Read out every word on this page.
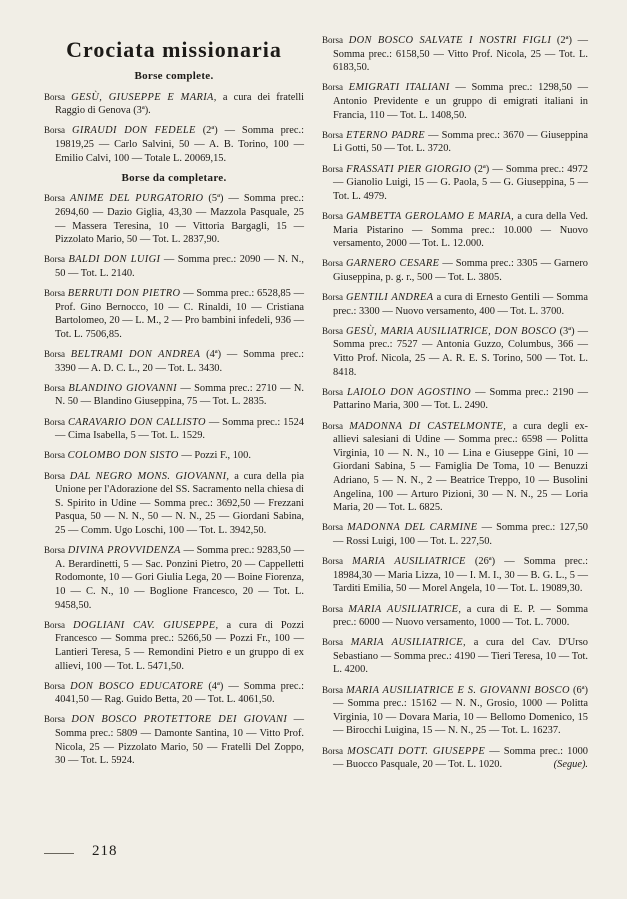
Crociata missionaria
Borse complete.

Borsa GESÙ, GIUSEPPE E MARIA, a cura dei fratelli Raggio di Genova (3ª).

Borsa GIRAUDI DON FEDELE (2ª) — Somma prec.: 19819,25 — Carlo Salvini, 50 — A. B. Torino, 100 — Emilio Calvi, 100 — Totale L. 20069,15.

Borse da completare.

Borsa ANIME DEL PURGATORIO (5ª) — Somma prec.: 2694,60 — Dazio Giglia, 43,30 — Mazzola Pasquale, 25 — Massera Teresina, 10 — Vittoria Bargagli, 15 — Pizzolato Mario, 50 — Tot. L. 2837,90.

Borsa BALDI DON LUIGI — Somma prec.: 2090 — N. N., 50 — Tot. L. 2140.

Borsa BERRUTI DON PIETRO — Somma prec.: 6528,85 — Prof. Gino Bernocco, 10 — C. Rinaldi, 10 — Cristiana Bartolomeo, 20 — L. M., 2 — Pro bambini infedeli, 936 — Tot. L. 7506,85.

Borsa BELTRAMI DON ANDREA (4ª) — Somma prec.: 3390 — A. D. C. L., 20 — Tot. L. 3430.

Borsa BLANDINO GIOVANNI — Somma prec.: 2710 — N. N. 50 — Blandino Giuseppina, 75 — Tot. L. 2835.

Borsa CARAVARIO DON CALLISTO — Somma prec.: 1524 — Cima Isabella, 5 — Tot. L. 1529.

Borsa COLOMBO DON SISTO — Pozzi F., 100.

Borsa DAL NEGRO MONS. GIOVANNI, a cura della pia Unione per l'Adorazione del SS. Sacramento nella chiesa di S. Spirito in Udine — Somma prec.: 3692,50 — Frezzani Pasqua, 50 — N. N., 50 — N. N., 25 — Giordani Sabina, 25 — Comm. Ugo Loschi, 100 — Tot. L. 3942,50.

Borsa DIVINA PROVVIDENZA — Somma prec.: 9283,50 — A. Berardinetti, 5 — Sac. Ponzini Pietro, 20 — Cappelletti Rodomonte, 10 — Gori Giulia Lega, 20 — Boine Fiorenza, 10 — C. N., 10 — Boglione Francesco, 20 — Tot. L. 9458,50.

Borsa DOGLIANI CAV. GIUSEPPE, a cura di Pozzi Francesco — Somma prec.: 5266,50 — Pozzi Fr., 100 — Lantieri Teresa, 5 — Remondini Pietro e un gruppo di ex allievi, 100 — Tot. L. 5471,50.

Borsa DON BOSCO EDUCATORE (4ª) — Somma prec.: 4041,50 — Rag. Guido Betta, 20 — Tot. L. 4061,50.

Borsa DON BOSCO PROTETTORE DEI GIOVANI — Somma prec.: 5809 — Damonte Santina, 10 — Vitto Prof. Nicola, 25 — Pizzolato Mario, 50 — Fratelli Del Zoppo, 30 — Tot. L. 5924.

Borsa DON BOSCO SALVATE I NOSTRI FIGLI (2ª) — Somma prec.: 6158,50 — Vitto Prof. Nicola, 25 — Tot. L. 6183,50.

Borsa EMIGRATI ITALIANI — Somma prec.: 1298,50 — Antonio Previdente e un gruppo di emigrati italiani in Francia, 110 — Tot. L. 1408,50.

Borsa ETERNO PADRE — Somma prec.: 3670 — Giuseppina Li Gotti, 50 — Tot. L. 3720.

Borsa FRASSATI PIER GIORGIO (2ª) — Somma prec.: 4972 — Gianolio Luigi, 15 — G. Paola, 5 — G. Giuseppina, 5 — Tot. L. 4979.

Borsa GAMBETTA GEROLAMO E MARIA, a cura della Ved. Maria Pistarino — Somma prec.: 10.000 — Nuovo versamento, 2000 — Tot. L. 12.000.

Borsa GARNERO CESARE — Somma prec.: 3305 — Garnero Giuseppina, p. g. r., 500 — Tot. L. 3805.

Borsa GENTILI ANDREA a cura di Ernesto Gentili — Somma prec.: 3300 — Nuovo versamento, 400 — Tot. L. 3700.

Borsa GESÙ, MARIA AUSILIATRICE, DON BOSCO (3ª) — Somma prec.: 7527 — Antonia Guzzo, Columbus, 366 — Vitto Prof. Nicola, 25 — A. R. E. S. Torino, 500 — Tot. L. 8418.

Borsa LAIOLO DON AGOSTINO — Somma prec.: 2190 — Pattarino Maria, 300 — Tot. L. 2490.

Borsa MADONNA DI CASTELMONTE, a cura degli ex-allievi salesiani di Udine — Somma prec.: 6598 — Politta Virginia, 10 — N. N., 10 — Lina e Giuseppe Gini, 10 — Giordani Sabina, 5 — Famiglia De Toma, 10 — Benuzzi Adriano, 5 — N. N., 2 — Beatrice Treppo, 10 — Busolini Angelina, 100 — Arturo Pizioni, 30 — N. N., 25 — Loria Maria, 20 — Tot. L. 6825.

Borsa MADONNA DEL CARMINE — Somma prec.: 127,50 — Rossi Luigi, 100 — Tot. L. 227,50.

Borsa MARIA AUSILIATRICE (26ª) — Somma prec.: 18984,30 — Maria Lizza, 10 — I. M. I., 30 — B. G. L., 5 — Tarditi Emilia, 50 — Morel Angela, 10 — Tot. L. 19089,30.

Borsa MARIA AUSILIATRICE, a cura di E. P. — Somma prec.: 6000 — Nuovo versamento, 1000 — Tot. L. 7000.

Borsa MARIA AUSILIATRICE, a cura del Cav. D'Urso Sebastiano — Somma prec.: 4190 — Tieri Teresa, 10 — Tot. L. 4200.

Borsa MARIA AUSILIATRICE E S. GIOVANNI BOSCO (6ª) — Somma prec.: 15162 — N. N., Grosio, 1000 — Politta Virginia, 10 — Dovara Maria, 10 — Bellomo Domenico, 15 — Birocchi Luigina, 15 — N. N., 25 — Tot. L. 16237.

Borsa MOSCATI DOTT. GIUSEPPE — Somma prec.: 1000 — Buocco Pasquale, 20 — Tot. L. 1020.	(Segue).

218
